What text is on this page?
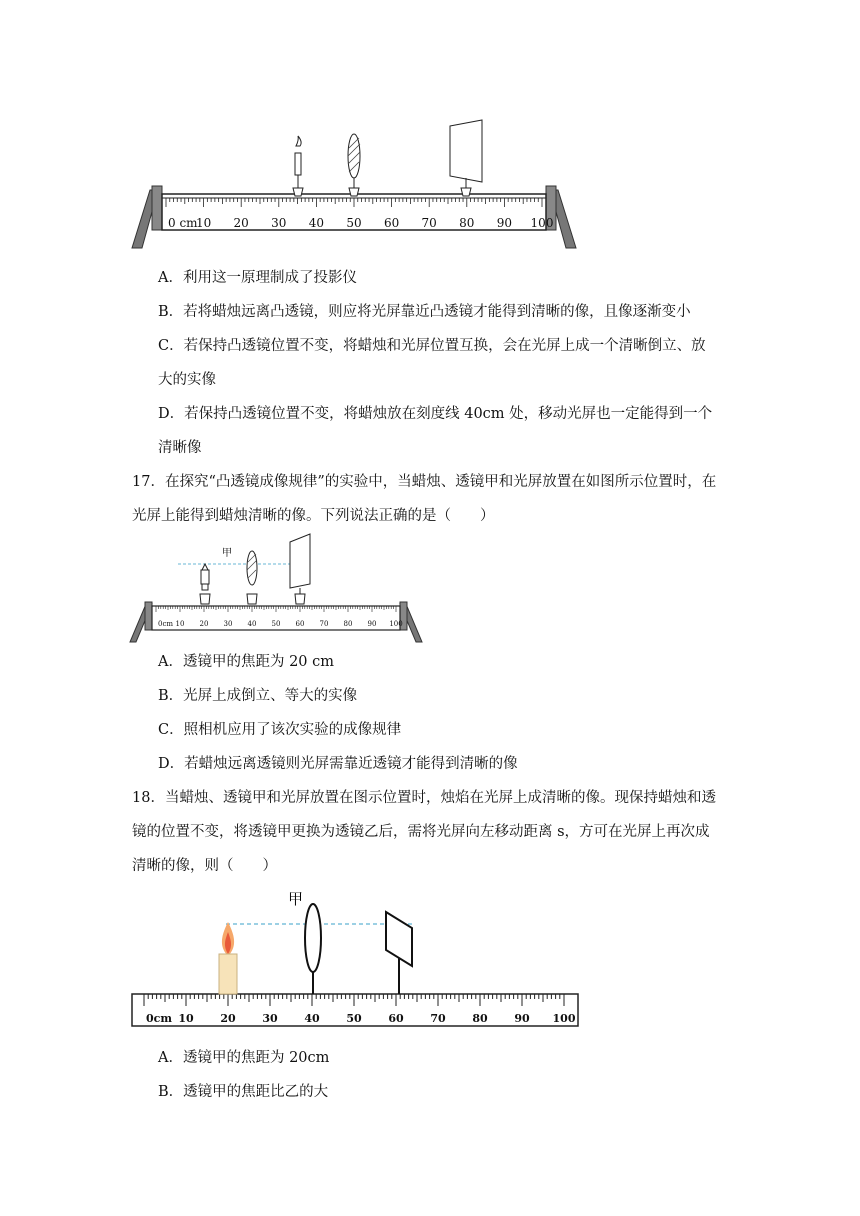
0 cm
10 20 30 40 50 60 70 80 90 100
A．利用这一原理制成了投影仪
B．若将蜡烛远离凸透镜，则应将光屏靠近凸透镜才能得到清晰的像，且像逐渐变小
C．若保持凸透镜位置不变，将蜡烛和光屏位置互换，会在光屏上成一个清晰倒立、放
大的实像
D．若保持凸透镜位置不变，将蜡烛放在刻度线 40cm 处，移动光屏也一定能得到一个
清晰像
17．在探究“凸透镜成像规律”的实验中，当蜡烛、透镜甲和光屏放置在如图所示位置时，在
光屏上能得到蜡烛清晰的像。下列说法正确的是（　　）
0cm 10 20 30 40 50 60 70 80 90 100
甲
A．透镜甲的焦距为 20 cm
B．光屏上成倒立、等大的实像
C．照相机应用了该次实验的成像规律
D．若蜡烛远离透镜则光屏需靠近透镜才能得到清晰的像
18．当蜡烛、透镜甲和光屏放置在图示位置时，烛焰在光屏上成清晰的像。现保持蜡烛和透
镜的位置不变，将透镜甲更换为透镜乙后，需将光屏向左移动距离 s，方可在光屏上再次成
清晰的像，则（　　）
0cm 10 20 30 40 50 60 70 80 90 100
甲
A．透镜甲的焦距为 20cm
B．透镜甲的焦距比乙的大
